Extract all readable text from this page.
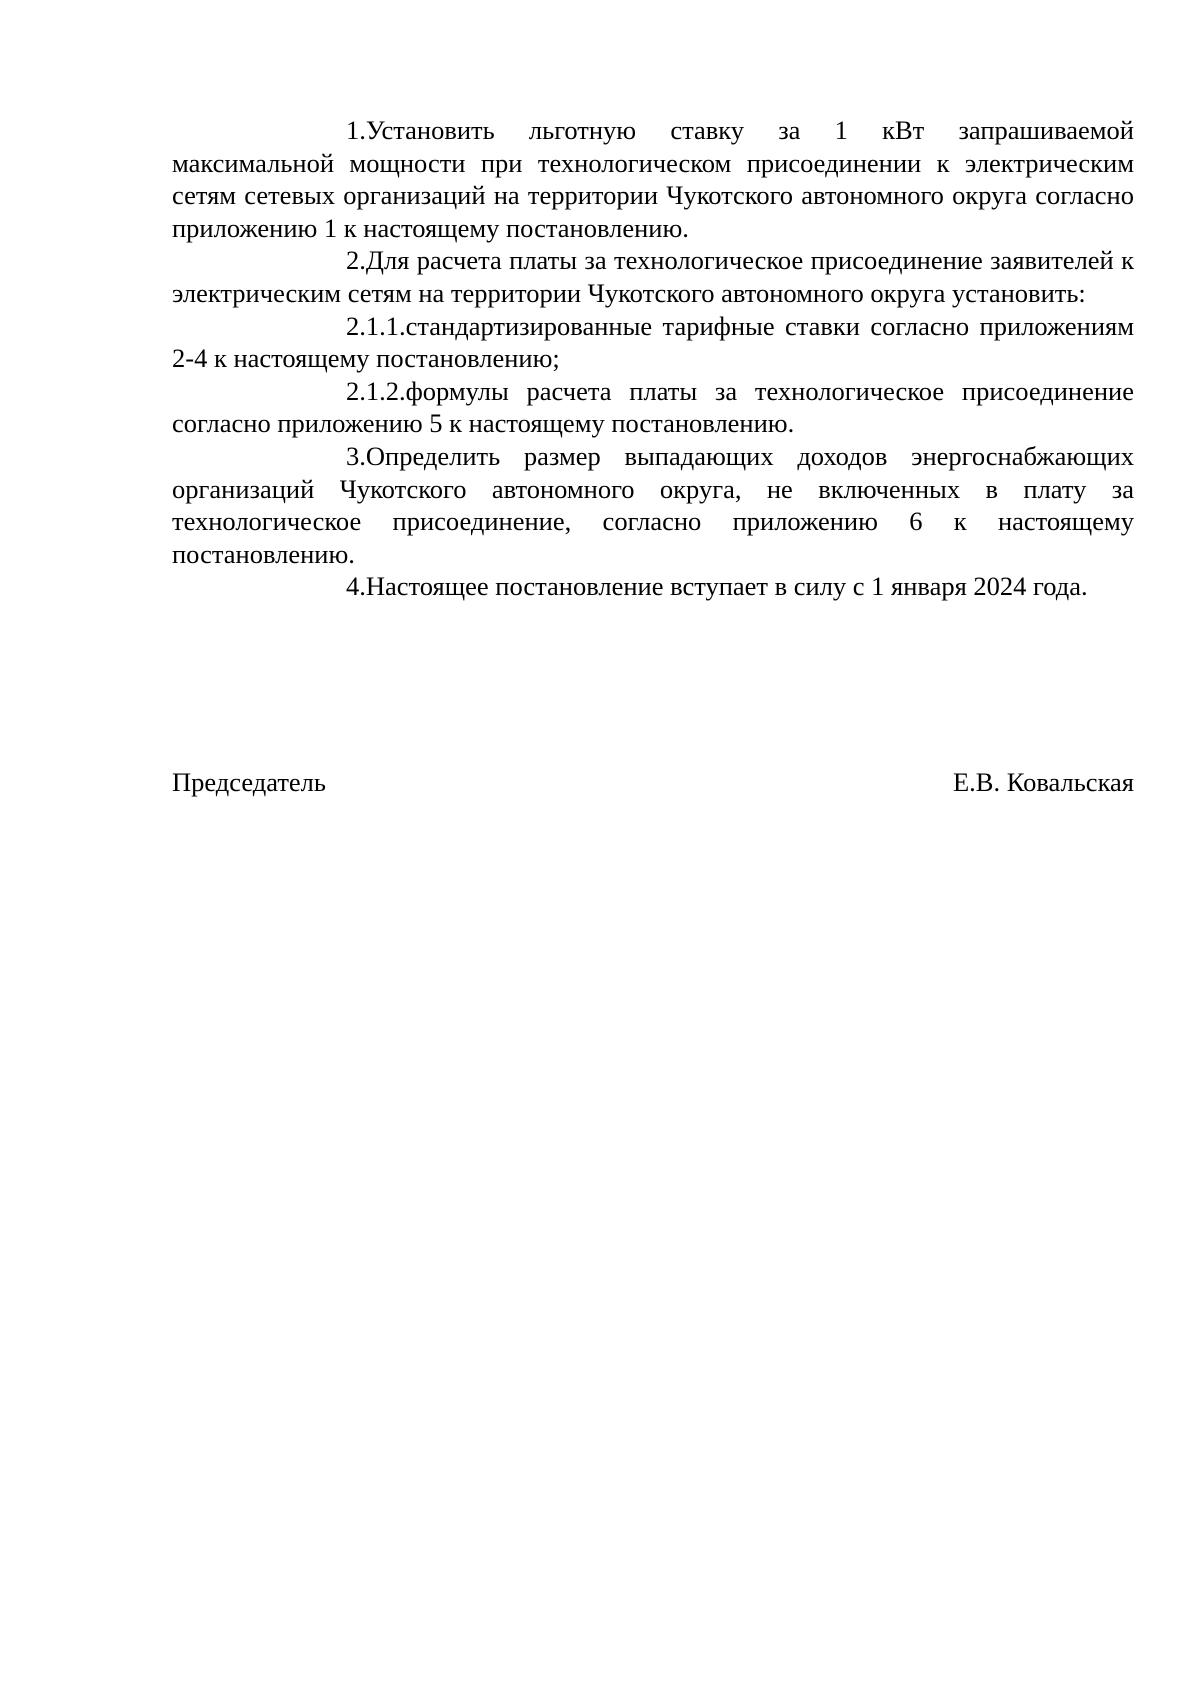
1.Установить льготную ставку за 1 кВт запрашиваемой максимальной мощности при технологическом присоединении к электрическим сетям сетевых организаций на территории Чукотского автономного округа согласно приложению 1 к настоящему постановлению.

2.Для расчета платы за технологическое присоединение заявителей к электрическим сетям на территории Чукотского автономного округа установить:

2.1.1.стандартизированные тарифные ставки согласно приложениям 2-4 к настоящему постановлению;

2.1.2.формулы расчета платы за технологическое присоединение согласно приложению 5 к настоящему постановлению.

3.Определить размер выпадающих доходов энергоснабжающих организаций Чукотского автономного округа, не включенных в плату за технологическое присоединение, согласно приложению 6 к настоящему постановлению.

4.Настоящее постановление вступает в силу с 1 января 2024 года.

Председатель	Е.В. Ковальская
